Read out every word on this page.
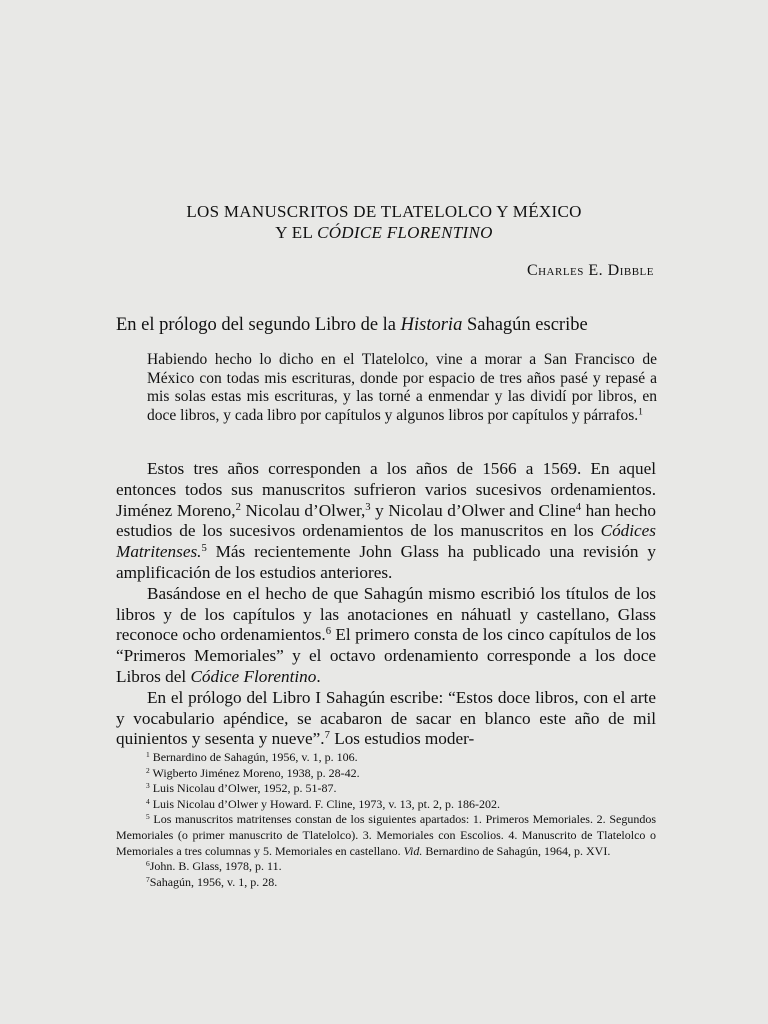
LOS MANUSCRITOS DE TLATELOLCO Y MÉXICO
Y EL CÓDICE FLORENTINO
Charles E. Dibble
En el prólogo del segundo Libro de la Historia Sahagún escribe
Habiendo hecho lo dicho en el Tlatelolco, vine a morar a San Francisco de México con todas mis escrituras, donde por espacio de tres años pasé y repasé a mis solas estas mis escrituras, y las torné a enmendar y las dividí por libros, en doce libros, y cada libro por capítulos y algunos libros por capítulos y párrafos.$^1$

Estos tres años corresponden a los años de 1566 a 1569. En aquel entonces todos sus manuscritos sufrieron varios sucesivos ordenamientos. Jiménez Moreno,$^2$ Nicolau d’Olwer,$^3$ y Nicolau d’Olwer and Cline$^4$ han hecho estudios de los sucesivos ordenamientos de los manuscritos en los Códices Matritenses.$^5$ Más recientemente John Glass ha publicado una revisión y amplificación de los estudios anteriores.

Basándose en el hecho de que Sahagún mismo escribió los títulos de los libros y de los capítulos y las anotaciones en náhuatl y castellano, Glass reconoce ocho ordenamientos.$^6$ El primero consta de los cinco capítulos de los “Primeros Memoriales” y el octavo ordenamiento corresponde a los doce Libros del Códice Florentino.

En el prólogo del Libro I Sahagún escribe: “Estos doce libros, con el arte y vocabulario apéndice, se acabaron de sacar en blanco este año de mil quinientos y sesenta y nueve”.$^7$ Los estudios moder-

$^1$ Bernardino de Sahagún, 1956, v. 1, p. 106.
$^2$ Wigberto Jiménez Moreno, 1938, p. 28-42.
$^3$ Luis Nicolau d’Olwer, 1952, p. 51-87.
$^4$ Luis Nicolau d’Olwer y Howard. F. Cline, 1973, v. 13, pt. 2, p. 186-202.
$^5$ Los manuscritos matritenses constan de los siguientes apartados: 1. Primeros Memoriales. 2. Segundos Memoriales (o primer manuscrito de Tlatelolco). 3. Memoriales con Escolios. 4. Manuscrito de Tlatelolco o Memoriales a tres columnas y 5. Memoriales en castellano. Vid. Bernardino de Sahagún, 1964, p. XVI.
$^6$John. B. Glass, 1978, p. 11.
$^7$Sahagún, 1956, v. 1, p. 28.
